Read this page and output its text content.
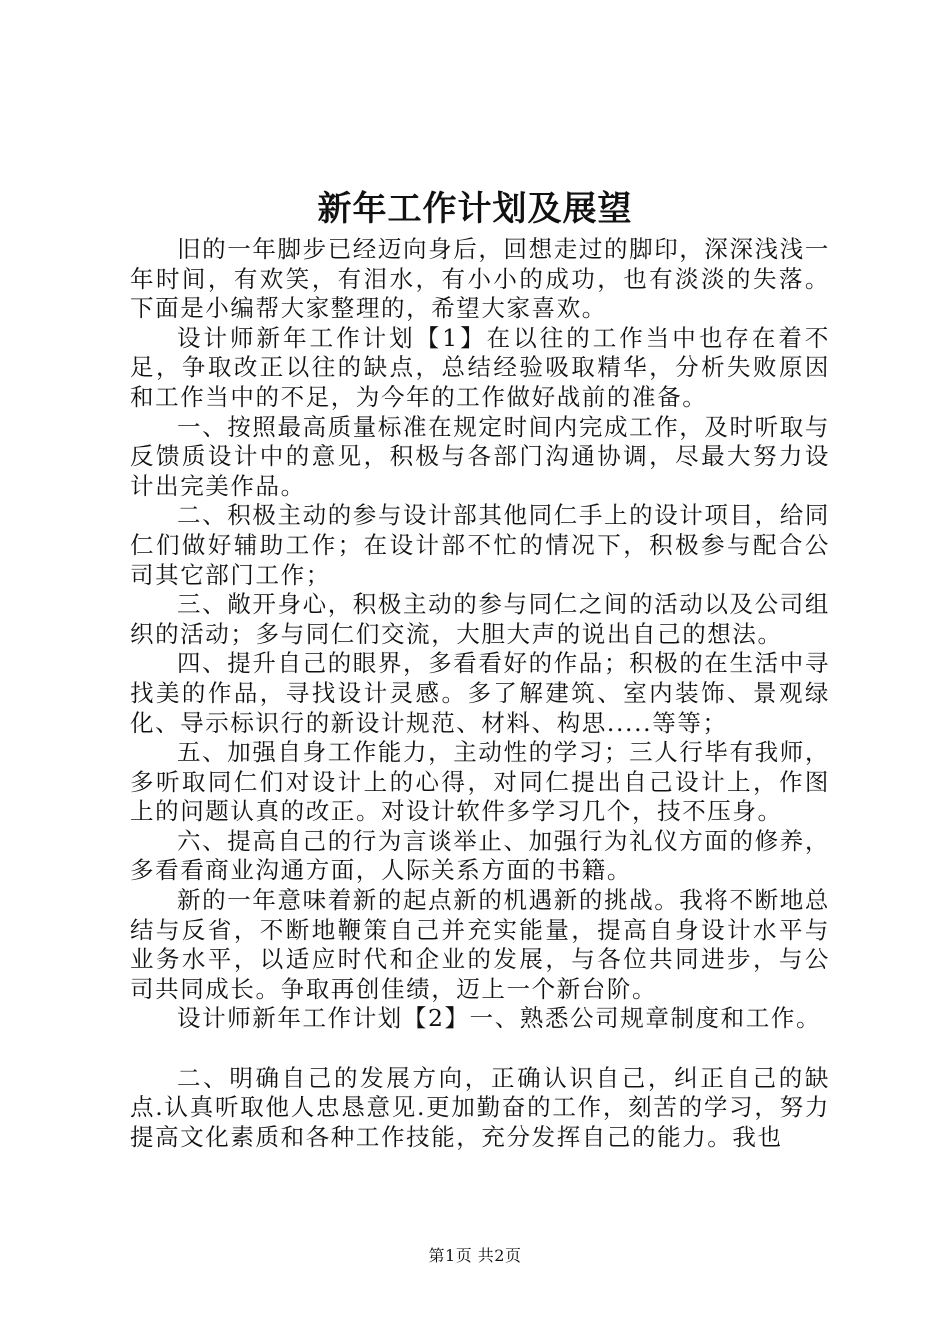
新年工作计划及展望

旧的一年脚步已经迈向身后，回想走过的脚印，深深浅浅一年时间，有欢笑，有泪水，有小小的成功，也有淡淡的失落。下面是小编帮大家整理的，希望大家喜欢。

设计师新年工作计划【1】在以往的工作当中也存在着不足，争取改正以往的缺点，总结经验吸取精华，分析失败原因和工作当中的不足，为今年的工作做好战前的准备。

一、按照最高质量标准在规定时间内完成工作，及时听取与反馈质设计中的意见，积极与各部门沟通协调，尽最大努力设计出完美作品。

二、积极主动的参与设计部其他同仁手上的设计项目，给同仁们做好辅助工作；在设计部不忙的情况下，积极参与配合公司其它部门工作；

三、敞开身心，积极主动的参与同仁之间的活动以及公司组织的活动；多与同仁们交流，大胆大声的说出自己的想法。

四、提升自己的眼界，多看看好的作品；积极的在生活中寻找美的作品，寻找设计灵感。多了解建筑、室内装饰、景观绿化、导示标识行的新设计规范、材料、构思.....等等；

五、加强自身工作能力，主动性的学习；三人行毕有我师，多听取同仁们对设计上的心得，对同仁提出自己设计上，作图上的问题认真的改正。对设计软件多学习几个，技不压身。

六、提高自己的行为言谈举止、加强行为礼仪方面的修养，多看看商业沟通方面，人际关系方面的书籍。

新的一年意味着新的起点新的机遇新的挑战。我将不断地总结与反省，不断地鞭策自己并充实能量，提高自身设计水平与业务水平，以适应时代和企业的发展，与各位共同进步，与公司共同成长。争取再创佳绩，迈上一个新台阶。

设计师新年工作计划【2】一、熟悉公司规章制度和工作。

二、明确自己的发展方向，正确认识自己，纠正自己的缺点.认真听取他人忠恳意见.更加勤奋的工作，刻苦的学习，努力提高文化素质和各种工作技能，充分发挥自己的能力。我也

第1页 共2页
